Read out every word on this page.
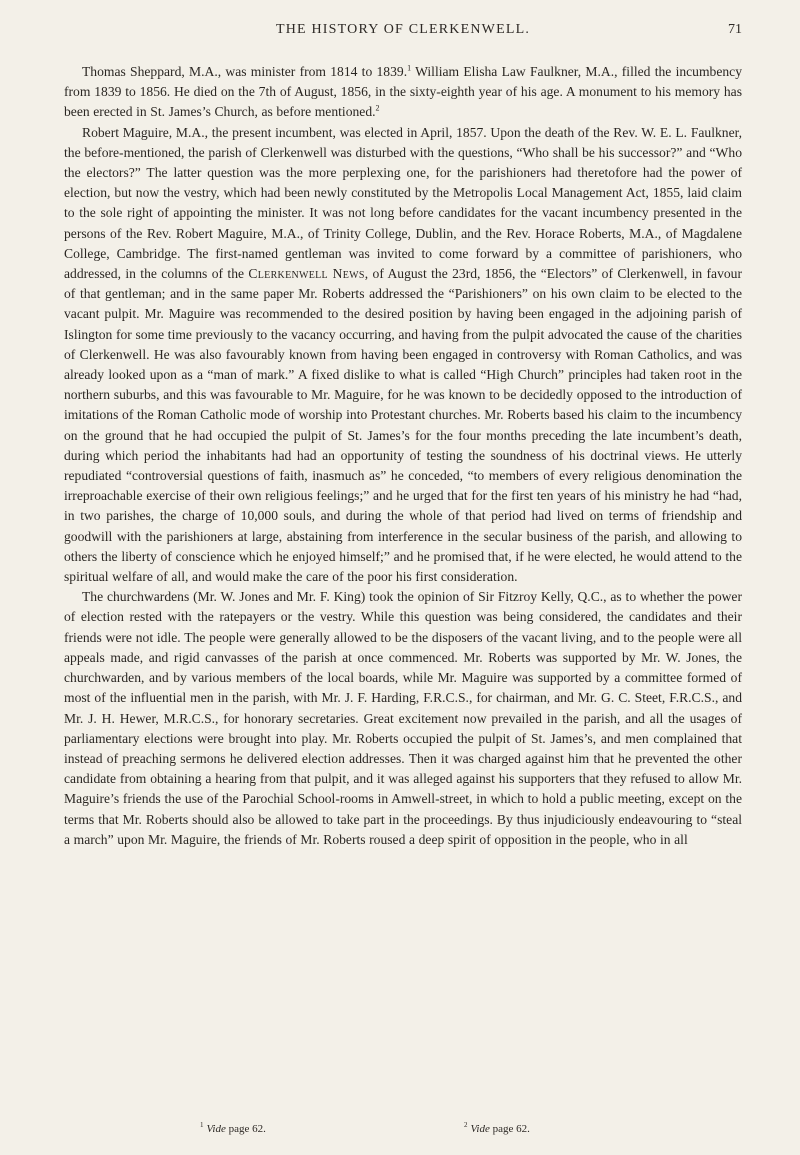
THE HISTORY OF CLERKENWELL.	71

Thomas Sheppard, M.A., was minister from 1814 to 1839.$^1$ William Elisha Law Faulkner, M.A., filled the incumbency from 1839 to 1856. He died on the 7th of August, 1856, in the sixty-eighth year of his age. A monument to his memory has been erected in St. James’s Church, as before mentioned.$^2$

Robert Maguire, M.A., the present incumbent, was elected in April, 1857. Upon the death of the Rev. W. E. L. Faulkner, the before-mentioned, the parish of Clerkenwell was disturbed with the questions, “Who shall be his successor?” and “Who the electors?” The latter question was the more perplexing one, for the parishioners had theretofore had the power of election, but now the vestry, which had been newly constituted by the Metropolis Local Management Act, 1855, laid claim to the sole right of appointing the minister. It was not long before candidates for the vacant incumbency presented in the persons of the Rev. Robert Maguire, M.A., of Trinity College, Dublin, and the Rev. Horace Roberts, M.A., of Magdalene College, Cambridge. The first-named gentleman was invited to come forward by a committee of parishioners, who addressed, in the columns of the Clerkenwell News, of August the 23rd, 1856, the “Electors” of Clerkenwell, in favour of that gentleman; and in the same paper Mr. Roberts addressed the “Parishioners” on his own claim to be elected to the vacant pulpit. Mr. Maguire was recommended to the desired position by having been engaged in the adjoining parish of Islington for some time previously to the vacancy occurring, and having from the pulpit advocated the cause of the charities of Clerkenwell. He was also favourably known from having been engaged in controversy with Roman Catholics, and was already looked upon as a “man of mark.” A fixed dislike to what is called “High Church” principles had taken root in the northern suburbs, and this was favourable to Mr. Maguire, for he was known to be decidedly opposed to the introduction of imitations of the Roman Catholic mode of worship into Protestant churches. Mr. Roberts based his claim to the incumbency on the ground that he had occupied the pulpit of St. James’s for the four months preceding the late incumbent’s death, during which period the inhabitants had had an opportunity of testing the soundness of his doctrinal views. He utterly repudiated “controversial questions of faith, inasmuch as” he conceded, “to members of every religious denomination the irreproachable exercise of their own religious feelings;” and he urged that for the first ten years of his ministry he had “had, in two parishes, the charge of 10,000 souls, and during the whole of that period had lived on terms of friendship and goodwill with the parishioners at large, abstaining from interference in the secular business of the parish, and allowing to others the liberty of conscience which he enjoyed himself;” and he promised that, if he were elected, he would attend to the spiritual welfare of all, and would make the care of the poor his first consideration.

The churchwardens (Mr. W. Jones and Mr. F. King) took the opinion of Sir Fitzroy Kelly, Q.C., as to whether the power of election rested with the ratepayers or the vestry. While this question was being considered, the candidates and their friends were not idle. The people were generally allowed to be the disposers of the vacant living, and to the people were all appeals made, and rigid canvasses of the parish at once commenced. Mr. Roberts was supported by Mr. W. Jones, the churchwarden, and by various members of the local boards, while Mr. Maguire was supported by a committee formed of most of the influential men in the parish, with Mr. J. F. Harding, F.R.C.S., for chairman, and Mr. G. C. Steet, F.R.C.S., and Mr. J. H. Hewer, M.R.C.S., for honorary secretaries. Great excitement now prevailed in the parish, and all the usages of parliamentary elections were brought into play. Mr. Roberts occupied the pulpit of St. James’s, and men complained that instead of preaching sermons he delivered election addresses. Then it was charged against him that he prevented the other candidate from obtaining a hearing from that pulpit, and it was alleged against his supporters that they refused to allow Mr. Maguire’s friends the use of the Parochial School-rooms in Amwell-street, in which to hold a public meeting, except on the terms that Mr. Roberts should also be allowed to take part in the proceedings. By thus injudiciously endeavouring to “steal a march” upon Mr. Maguire, the friends of Mr. Roberts roused a deep spirit of opposition in the people, who in all

$^1$ Vide page 62.	$^2$ Vide page 62.
